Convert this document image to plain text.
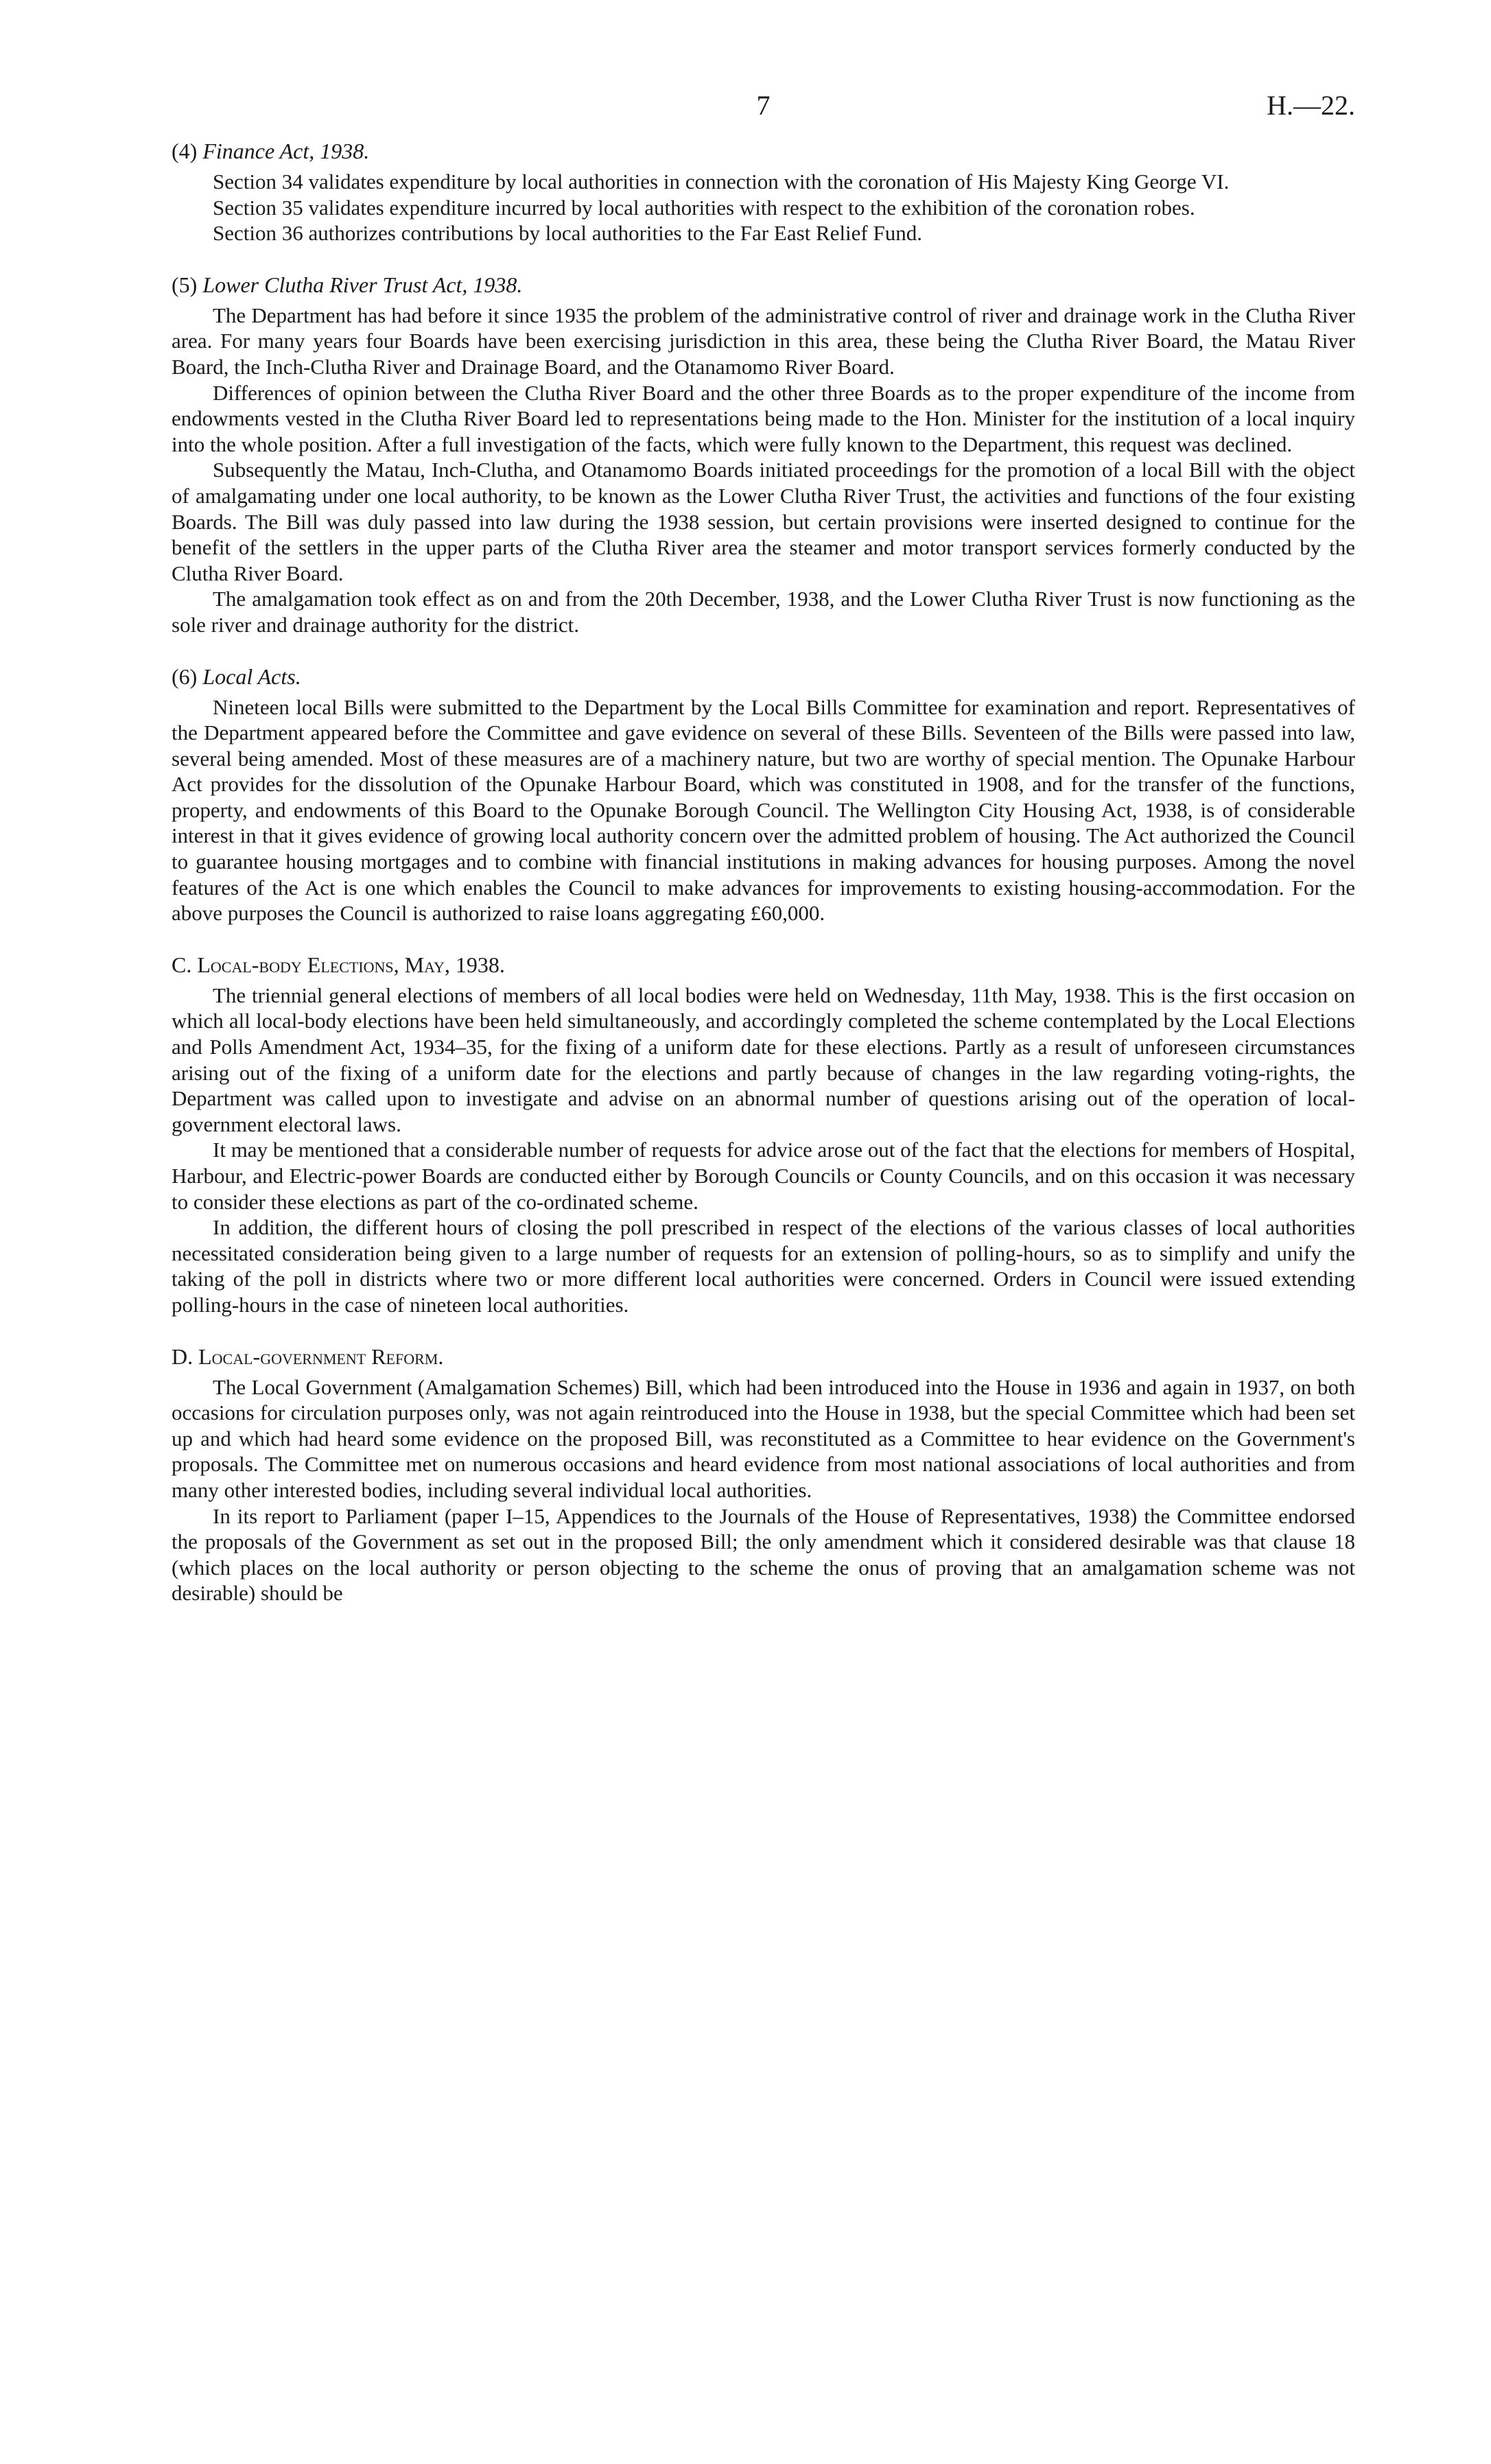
7	H.—22.
(4) Finance Act, 1938.

Section 34 validates expenditure by local authorities in connection with the coronation of His Majesty King George VI.

Section 35 validates expenditure incurred by local authorities with respect to the exhibition of the coronation robes.

Section 36 authorizes contributions by local authorities to the Far East Relief Fund.

(5) Lower Clutha River Trust Act, 1938.

The Department has had before it since 1935 the problem of the administrative control of river and drainage work in the Clutha River area. For many years four Boards have been exercising jurisdiction in this area, these being the Clutha River Board, the Matau River Board, the Inch-Clutha River and Drainage Board, and the Otanamomo River Board.

Differences of opinion between the Clutha River Board and the other three Boards as to the proper expenditure of the income from endowments vested in the Clutha River Board led to representations being made to the Hon. Minister for the institution of a local inquiry into the whole position. After a full investigation of the facts, which were fully known to the Department, this request was declined.

Subsequently the Matau, Inch-Clutha, and Otanamomo Boards initiated proceedings for the promotion of a local Bill with the object of amalgamating under one local authority, to be known as the Lower Clutha River Trust, the activities and functions of the four existing Boards. The Bill was duly passed into law during the 1938 session, but certain provisions were inserted designed to continue for the benefit of the settlers in the upper parts of the Clutha River area the steamer and motor transport services formerly conducted by the Clutha River Board.

The amalgamation took effect as on and from the 20th December, 1938, and the Lower Clutha River Trust is now functioning as the sole river and drainage authority for the district.

(6) Local Acts.

Nineteen local Bills were submitted to the Department by the Local Bills Committee for examination and report. Representatives of the Department appeared before the Committee and gave evidence on several of these Bills. Seventeen of the Bills were passed into law, several being amended. Most of these measures are of a machinery nature, but two are worthy of special mention. The Opunake Harbour Act provides for the dissolution of the Opunake Harbour Board, which was constituted in 1908, and for the transfer of the functions, property, and endowments of this Board to the Opunake Borough Council. The Wellington City Housing Act, 1938, is of considerable interest in that it gives evidence of growing local authority concern over the admitted problem of housing. The Act authorized the Council to guarantee housing mortgages and to combine with financial institutions in making advances for housing purposes. Among the novel features of the Act is one which enables the Council to make advances for improvements to existing housing-accommodation. For the above purposes the Council is authorized to raise loans aggregating £60,000.

C. Local-body Elections, May, 1938.

The triennial general elections of members of all local bodies were held on Wednesday, 11th May, 1938. This is the first occasion on which all local-body elections have been held simultaneously, and accordingly completed the scheme contemplated by the Local Elections and Polls Amendment Act, 1934–35, for the fixing of a uniform date for these elections. Partly as a result of unforeseen circumstances arising out of the fixing of a uniform date for the elections and partly because of changes in the law regarding voting-rights, the Department was called upon to investigate and advise on an abnormal number of questions arising out of the operation of local-government electoral laws.

It may be mentioned that a considerable number of requests for advice arose out of the fact that the elections for members of Hospital, Harbour, and Electric-power Boards are conducted either by Borough Councils or County Councils, and on this occasion it was necessary to consider these elections as part of the co-ordinated scheme.

In addition, the different hours of closing the poll prescribed in respect of the elections of the various classes of local authorities necessitated consideration being given to a large number of requests for an extension of polling-hours, so as to simplify and unify the taking of the poll in districts where two or more different local authorities were concerned. Orders in Council were issued extending polling-hours in the case of nineteen local authorities.

D. Local-government Reform.

The Local Government (Amalgamation Schemes) Bill, which had been introduced into the House in 1936 and again in 1937, on both occasions for circulation purposes only, was not again reintroduced into the House in 1938, but the special Committee which had been set up and which had heard some evidence on the proposed Bill, was reconstituted as a Committee to hear evidence on the Government's proposals. The Committee met on numerous occasions and heard evidence from most national associations of local authorities and from many other interested bodies, including several individual local authorities.

In its report to Parliament (paper I–15, Appendices to the Journals of the House of Representatives, 1938) the Committee endorsed the proposals of the Government as set out in the proposed Bill; the only amendment which it considered desirable was that clause 18 (which places on the local authority or person objecting to the scheme the onus of proving that an amalgamation scheme was not desirable) should be
